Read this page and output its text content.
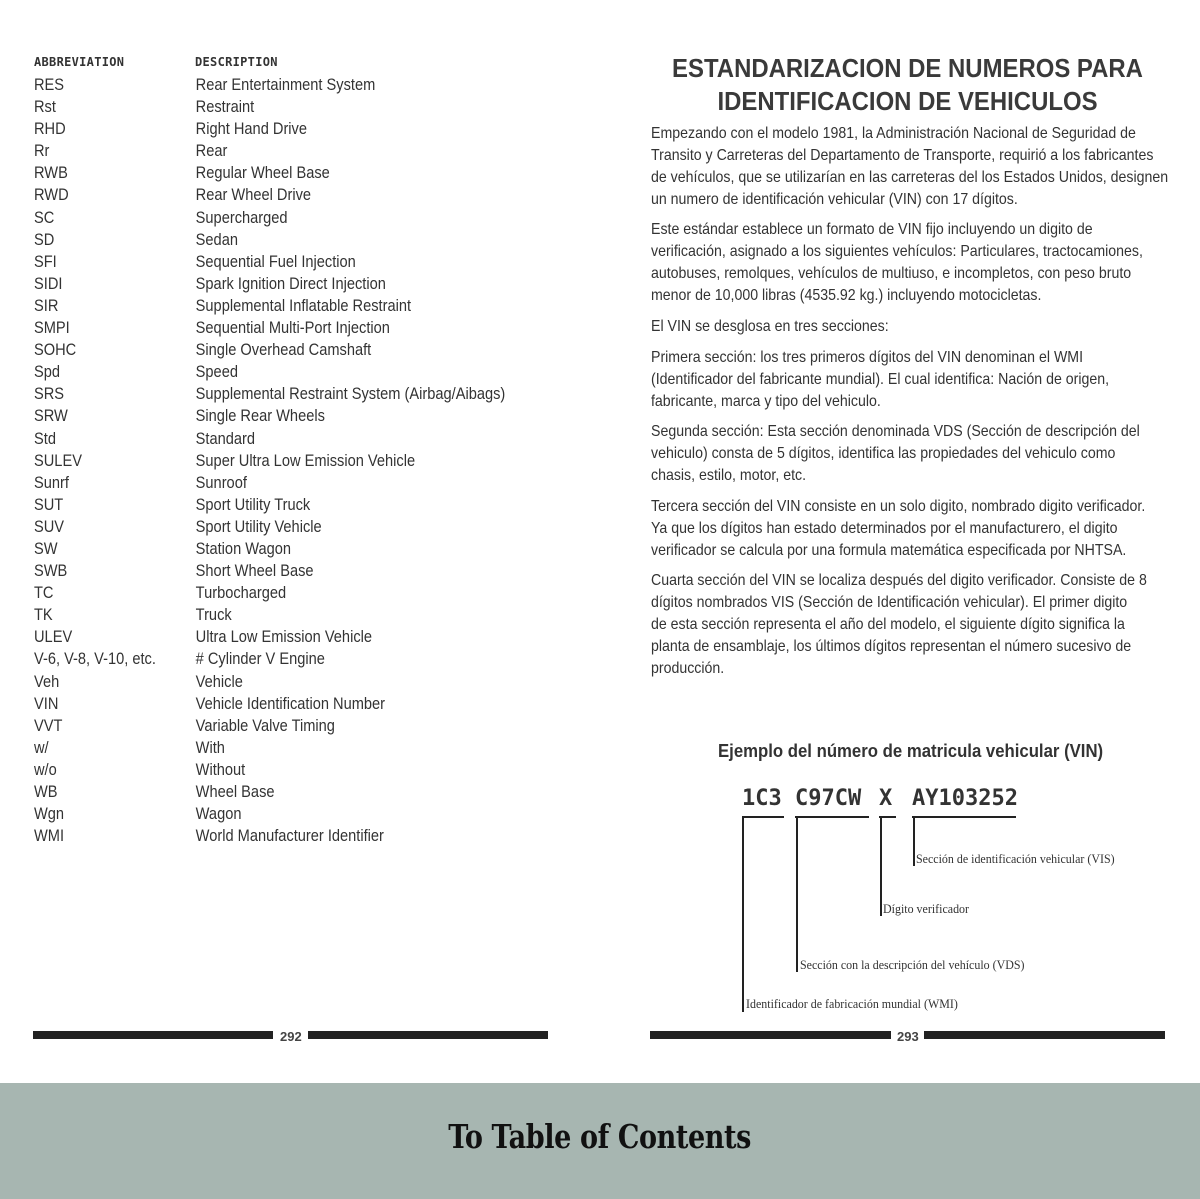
ABBREVIATION	DESCRIPTION
RES	Rear Entertainment System
Rst	Restraint
RHD	Right Hand Drive
Rr	Rear
RWB	Regular Wheel Base
RWD	Rear Wheel Drive
SC	Supercharged
SD	Sedan
SFI	Sequential Fuel Injection
SIDI	Spark Ignition Direct Injection
SIR	Supplemental Inflatable Restraint
SMPI	Sequential Multi-Port Injection
SOHC	Single Overhead Camshaft
Spd	Speed
SRS	Supplemental Restraint System (Airbag/Aibags)
SRW	Single Rear Wheels
Std	Standard
SULEV	Super Ultra Low Emission Vehicle
Sunrf	Sunroof
SUT	Sport Utility Truck
SUV	Sport Utility Vehicle
SW	Station Wagon
SWB	Short Wheel Base
TC	Turbocharged
TK	Truck
ULEV	Ultra Low Emission Vehicle
V-6, V-8, V-10, etc.	# Cylinder V Engine
Veh	Vehicle
VIN	Vehicle Identification Number
VVT	Variable Valve Timing
w/	With
w/o	Without
WB	Wheel Base
Wgn	Wagon
WMI	World Manufacturer Identifier
292
ESTANDARIZACION DE NUMEROS PARA
IDENTIFICACION DE VEHICULOS
Empezando con el modelo 1981, la Administración Nacional de Seguridad de
Transito y Carreteras del Departamento de Transporte, requirió a los fabricantes
de vehículos, que se utilizarían en las carreteras del los Estados Unidos, designen
un numero de identificación vehicular (VIN) con 17 dígitos.
Este estándar establece un formato de VIN fijo incluyendo un digito de
verificación, asignado a los siguientes vehículos: Particulares, tractocamiones,
autobuses, remolques, vehículos de multiuso, e incompletos, con peso bruto
menor de 10,000 libras (4535.92 kg.) incluyendo motocicletas.
El VIN se desglosa en tres secciones:
Primera sección: los tres primeros dígitos del VIN denominan el WMI
(Identificador del fabricante mundial). El cual identifica: Nación de origen,
fabricante, marca y tipo del vehiculo.
Segunda sección: Esta sección denominada VDS (Sección de descripción del
vehiculo) consta de 5 dígitos, identifica las propiedades del vehiculo como
chasis, estilo, motor, etc.
Tercera sección del VIN consiste en un solo digito, nombrado digito verificador.
Ya que los dígitos han estado determinados por el manufacturero, el digito
verificador se calcula por una formula matemática especificada por NHTSA.
Cuarta sección del VIN se localiza después del digito verificador. Consiste de 8
dígitos nombrados VIS (Sección de Identificación vehicular). El primer digito
de esta sección representa el año del modelo, el siguiente dígito significa la
planta de ensamblaje, los últimos dígitos representan el número sucesivo de
producción.
Ejemplo del número de matricula vehicular (VIN)
1C3 C97CW X AY103252
Sección de identificación vehicular (VIS)
Dígito verificador
Sección con la descripción del vehículo (VDS)
Identificador de fabricación mundial (WMI)
293
To Table of Contents
